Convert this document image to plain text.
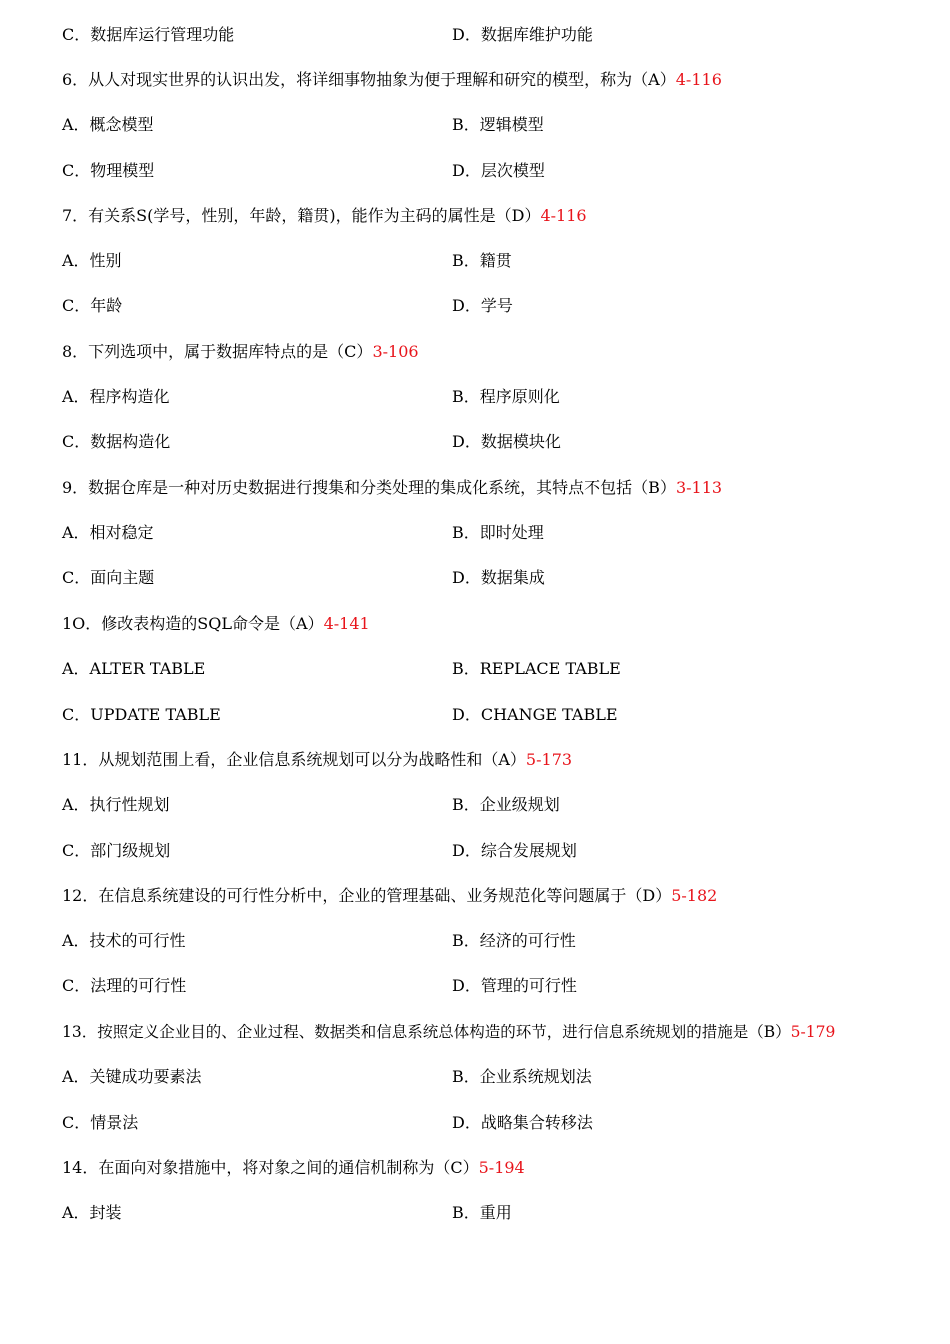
C．数据库运行管理功能	D．数据库维护功能
6．从人对现实世界的认识出发，将详细事物抽象为便于理解和研究的模型，称为（A）4-116
A．概念模型	B．逻辑模型
C．物理模型	D．层次模型
7．有关系S(学号，性别，年龄，籍贯)，能作为主码的属性是（D）4-116
A．性别	B．籍贯
C．年龄	D．学号
8．下列选项中，属于数据库特点的是（C）3-106
A．程序构造化	B．程序原则化
C．数据构造化	D．数据模块化
9．数据仓库是一种对历史数据进行搜集和分类处理的集成化系统，其特点不包括（B）3-113
A．相对稳定	B．即时处理
C．面向主题	D．数据集成
1O．修改表构造的SQL命令是（A）4-141
A．ALTER TABLE	B．REPLACE TABLE
C．UPDATE TABLE	D．CHANGE TABLE
11．从规划范围上看，企业信息系统规划可以分为战略性和（A）5-173
A．执行性规划	B．企业级规划
C．部门级规划	D．综合发展规划
12．在信息系统建设的可行性分析中，企业的管理基础、业务规范化等问题属于（D）5-182
A．技术的可行性	B．经济的可行性
C．法理的可行性	D．管理的可行性
13．按照定义企业目的、企业过程、数据类和信息系统总体构造的环节，进行信息系统规划的措施是（B）5-179
A．关键成功要素法	B．企业系统规划法
C．情景法	D．战略集合转移法
14．在面向对象措施中，将对象之间的通信机制称为（C）5-194
A．封装	B．重用
